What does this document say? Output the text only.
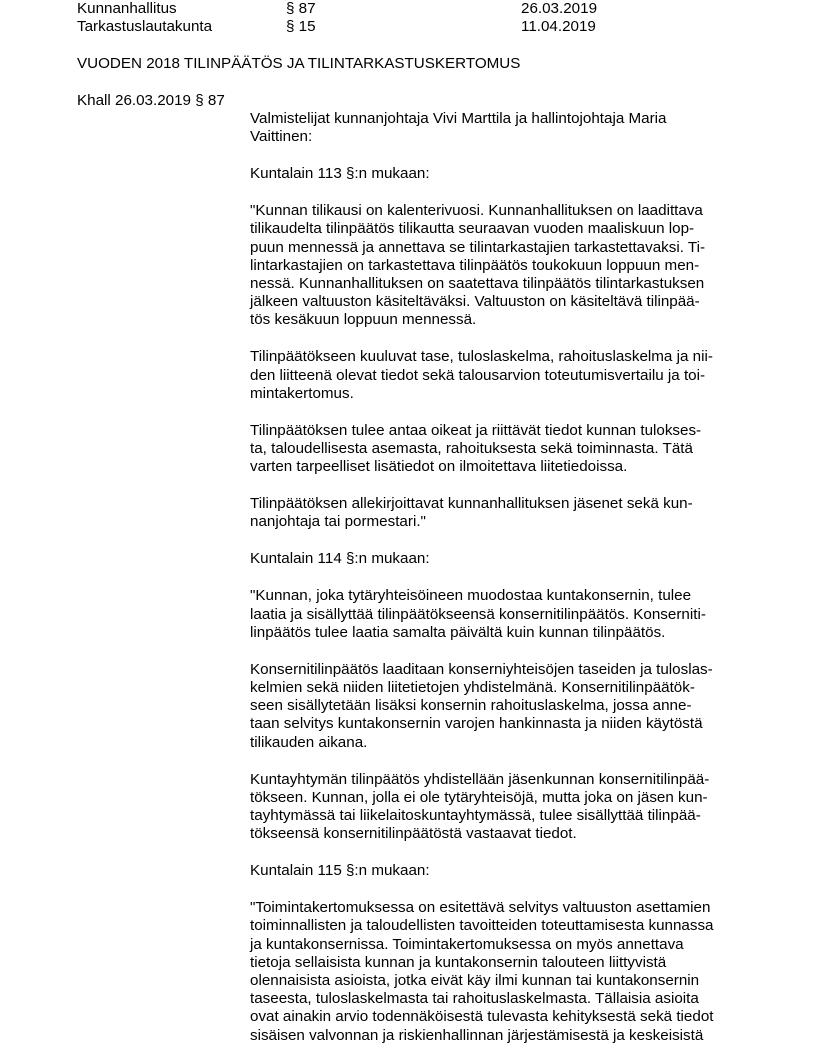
Kunnanhallitus	§ 87	26.03.2019
Tarkastuslautakunta	§ 15	11.04.2019
VUODEN 2018 TILINPÄÄTÖS JA TILINTARKASTUSKERTOMUS
Khall 26.03.2019 § 87
Valmistelijat kunnanjohtaja Vivi Marttila ja hallintojohtaja Maria
Vaittinen:
Kuntalain 113 §:n mukaan:
"Kunnan tilikausi on kalenterivuosi. Kunnanhallituksen on laadittava
tilikaudelta tilinpäätös tilikautta seuraavan vuoden maaliskuun lop-
puun mennessä ja annettava se tilintarkastajien tarkastettavaksi. Ti-
lintarkastajien on tarkastettava tilinpäätös toukokuun loppuun men-
nessä. Kunnanhallituksen on saatettava tilinpäätös tilintarkastuksen
jälkeen valtuuston käsiteltäväksi. Valtuuston on käsiteltävä tilinpää-
tös kesäkuun loppuun mennessä.
Tilinpäätökseen kuuluvat tase, tuloslaskelma, rahoituslaskelma ja nii-
den liitteenä olevat tiedot sekä talousarvion toteutumisvertailu ja toi-
mintakertomus.
Tilinpäätöksen tulee antaa oikeat ja riittävät tiedot kunnan tulokses-
ta, taloudellisesta asemasta, rahoituksesta sekä toiminnasta. Tätä
varten tarpeelliset lisätiedot on ilmoitettava liitetiedoissa.
Tilinpäätöksen allekirjoittavat kunnanhallituksen jäsenet sekä kun-
nanjohtaja tai pormestari."
Kuntalain 114 §:n mukaan:
"Kunnan, joka tytäryhteisöineen muodostaa kuntakonsernin, tulee
laatia ja sisällyttää tilinpäätökseensä konsernitilinpäätös. Konserniti-
linpäätös tulee laatia samalta päivältä kuin kunnan tilinpäätös.
Konsernitilinpäätös laaditaan konserniyhteisöjen taseiden ja tuloslas-
kelmien sekä niiden liitetietojen yhdistelmänä. Konsernitilinpäätök-
seen sisällytetään lisäksi konsernin rahoituslaskelma, jossa anne-
taan selvitys kuntakonsernin varojen hankinnasta ja niiden käytöstä
tilikauden aikana.
Kuntayhtymän tilinpäätös yhdistellään jäsenkunnan konsernitilinpää-
tökseen. Kunnan, jolla ei ole tytäryhteisöjä, mutta joka on jäsen kun-
tayhtymässä tai liikelaitoskuntayhtymässä, tulee sisällyttää tilinpää-
tökseensä konsernitilinpäätöstä vastaavat tiedot.
Kuntalain 115 §:n mukaan:
"Toimintakertomuksessa on esitettävä selvitys valtuuston asettamien
toiminnallisten ja taloudellisten tavoitteiden toteuttamisesta kunnassa
ja kuntakonsernissa. Toimintakertomuksessa on myös annettava
tietoja sellaisista kunnan ja kuntakonsernin talouteen liittyvistä
olennaisista asioista, jotka eivät käy ilmi kunnan tai kuntakonsernin
taseesta, tuloslaskelmasta tai rahoituslaskelmasta. Tällaisia asioita
ovat ainakin arvio todennäköisestä tulevasta kehityksestä sekä tiedot
sisäisen valvonnan ja riskienhallinnan järjestämisestä ja keskeisistä
